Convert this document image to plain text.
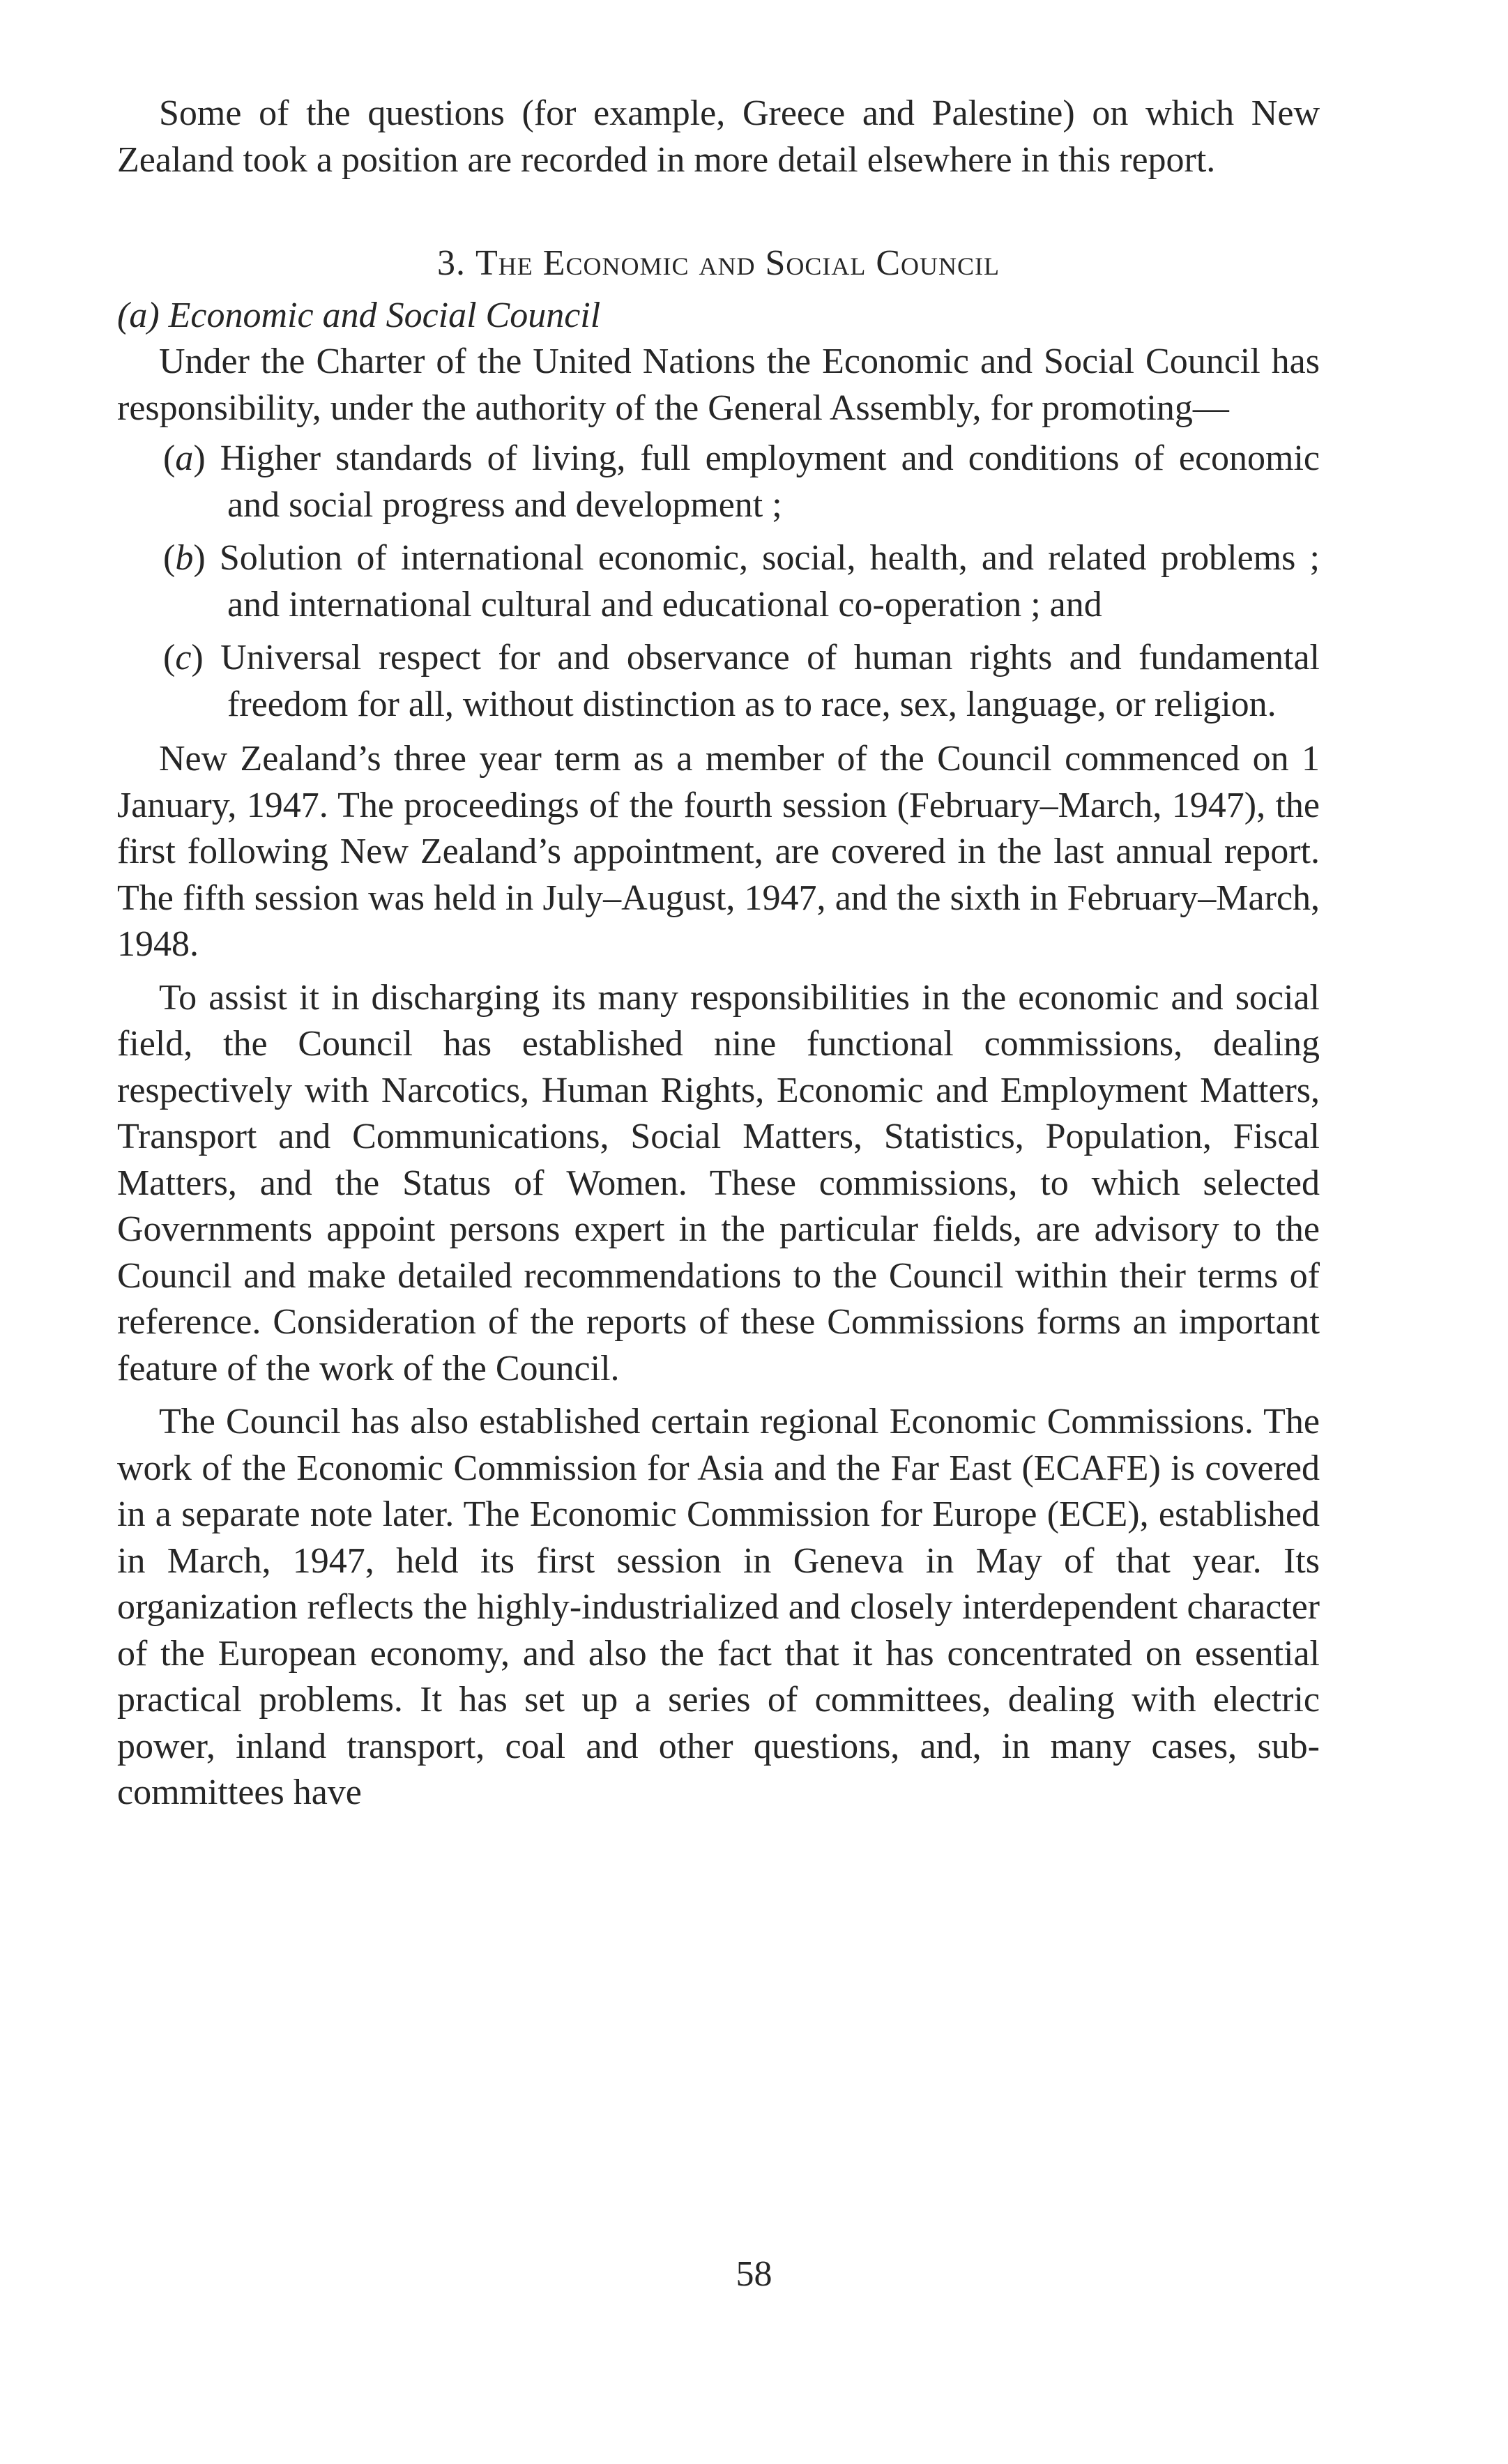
Some of the questions (for example, Greece and Palestine) on which New Zealand took a position are recorded in more detail elsewhere in this report.

3. The Economic and Social Council

(a) Economic and Social Council

Under the Charter of the United Nations the Economic and Social Council has responsibility, under the authority of the General Assembly, for promoting—

(a) Higher standards of living, full employment and conditions of economic and social progress and development ;
(b) Solution of international economic, social, health, and related problems ; and international cultural and educational co-operation ; and
(c) Universal respect for and observance of human rights and fundamental freedom for all, without distinction as to race, sex, language, or religion.

New Zealand’s three year term as a member of the Council commenced on 1 January, 1947. The proceedings of the fourth session (February–March, 1947), the first following New Zealand’s appointment, are covered in the last annual report. The fifth session was held in July–August, 1947, and the sixth in February–March, 1948.

To assist it in discharging its many responsibilities in the economic and social field, the Council has established nine functional commissions, dealing respectively with Narcotics, Human Rights, Economic and Employment Matters, Transport and Communications, Social Matters, Statistics, Population, Fiscal Matters, and the Status of Women. These commissions, to which selected Governments appoint persons expert in the particular fields, are advisory to the Council and make detailed recommendations to the Council within their terms of reference. Consideration of the reports of these Commissions forms an important feature of the work of the Council.

The Council has also established certain regional Economic Commissions. The work of the Economic Commission for Asia and the Far East (ECAFE) is covered in a separate note later. The Economic Commission for Europe (ECE), established in March, 1947, held its first session in Geneva in May of that year. Its organization reflects the highly-industrialized and closely interdependent character of the European economy, and also the fact that it has concentrated on essential practical problems. It has set up a series of committees, dealing with electric power, inland transport, coal and other questions, and, in many cases, sub-committees have

58
